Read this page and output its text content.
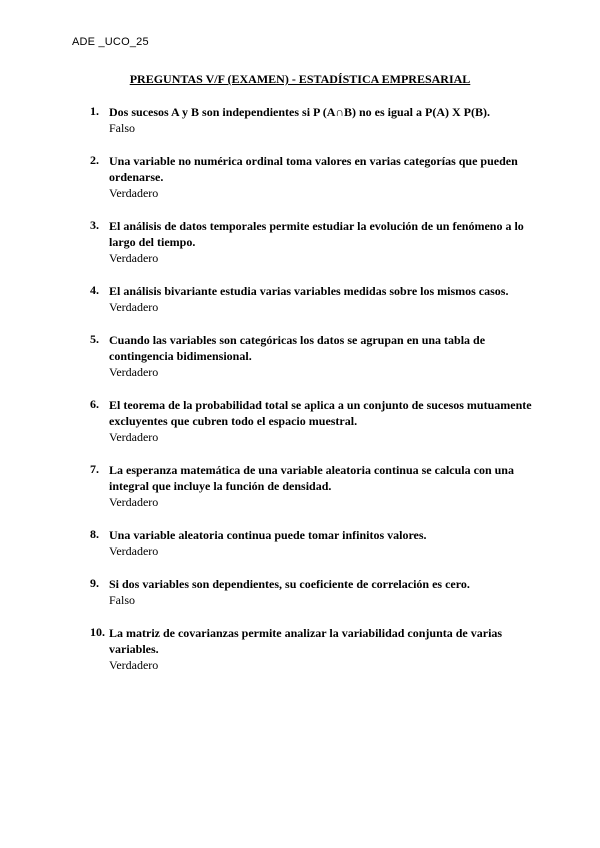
ADE _UCO_25
PREGUNTAS V/F (EXAMEN) - ESTADÍSTICA EMPRESARIAL
1. Dos sucesos A y B son independientes si P (A∩B) no es igual a P(A) X P(B).
Falso
2. Una variable no numérica ordinal toma valores en varias categorías que pueden ordenarse.
Verdadero
3. El análisis de datos temporales permite estudiar la evolución de un fenómeno a lo largo del tiempo.
Verdadero
4. El análisis bivariante estudia varias variables medidas sobre los mismos casos.
Verdadero
5. Cuando las variables son categóricas los datos se agrupan en una tabla de contingencia bidimensional.
Verdadero
6. El teorema de la probabilidad total se aplica a un conjunto de sucesos mutuamente excluyentes que cubren todo el espacio muestral.
Verdadero
7. La esperanza matemática de una variable aleatoria continua se calcula con una integral que incluye la función de densidad.
Verdadero
8. Una variable aleatoria continua puede tomar infinitos valores.
Verdadero
9. Si dos variables son dependientes, su coeficiente de correlación es cero.
Falso
10. La matriz de covarianzas permite analizar la variabilidad conjunta de varias variables.
Verdadero
